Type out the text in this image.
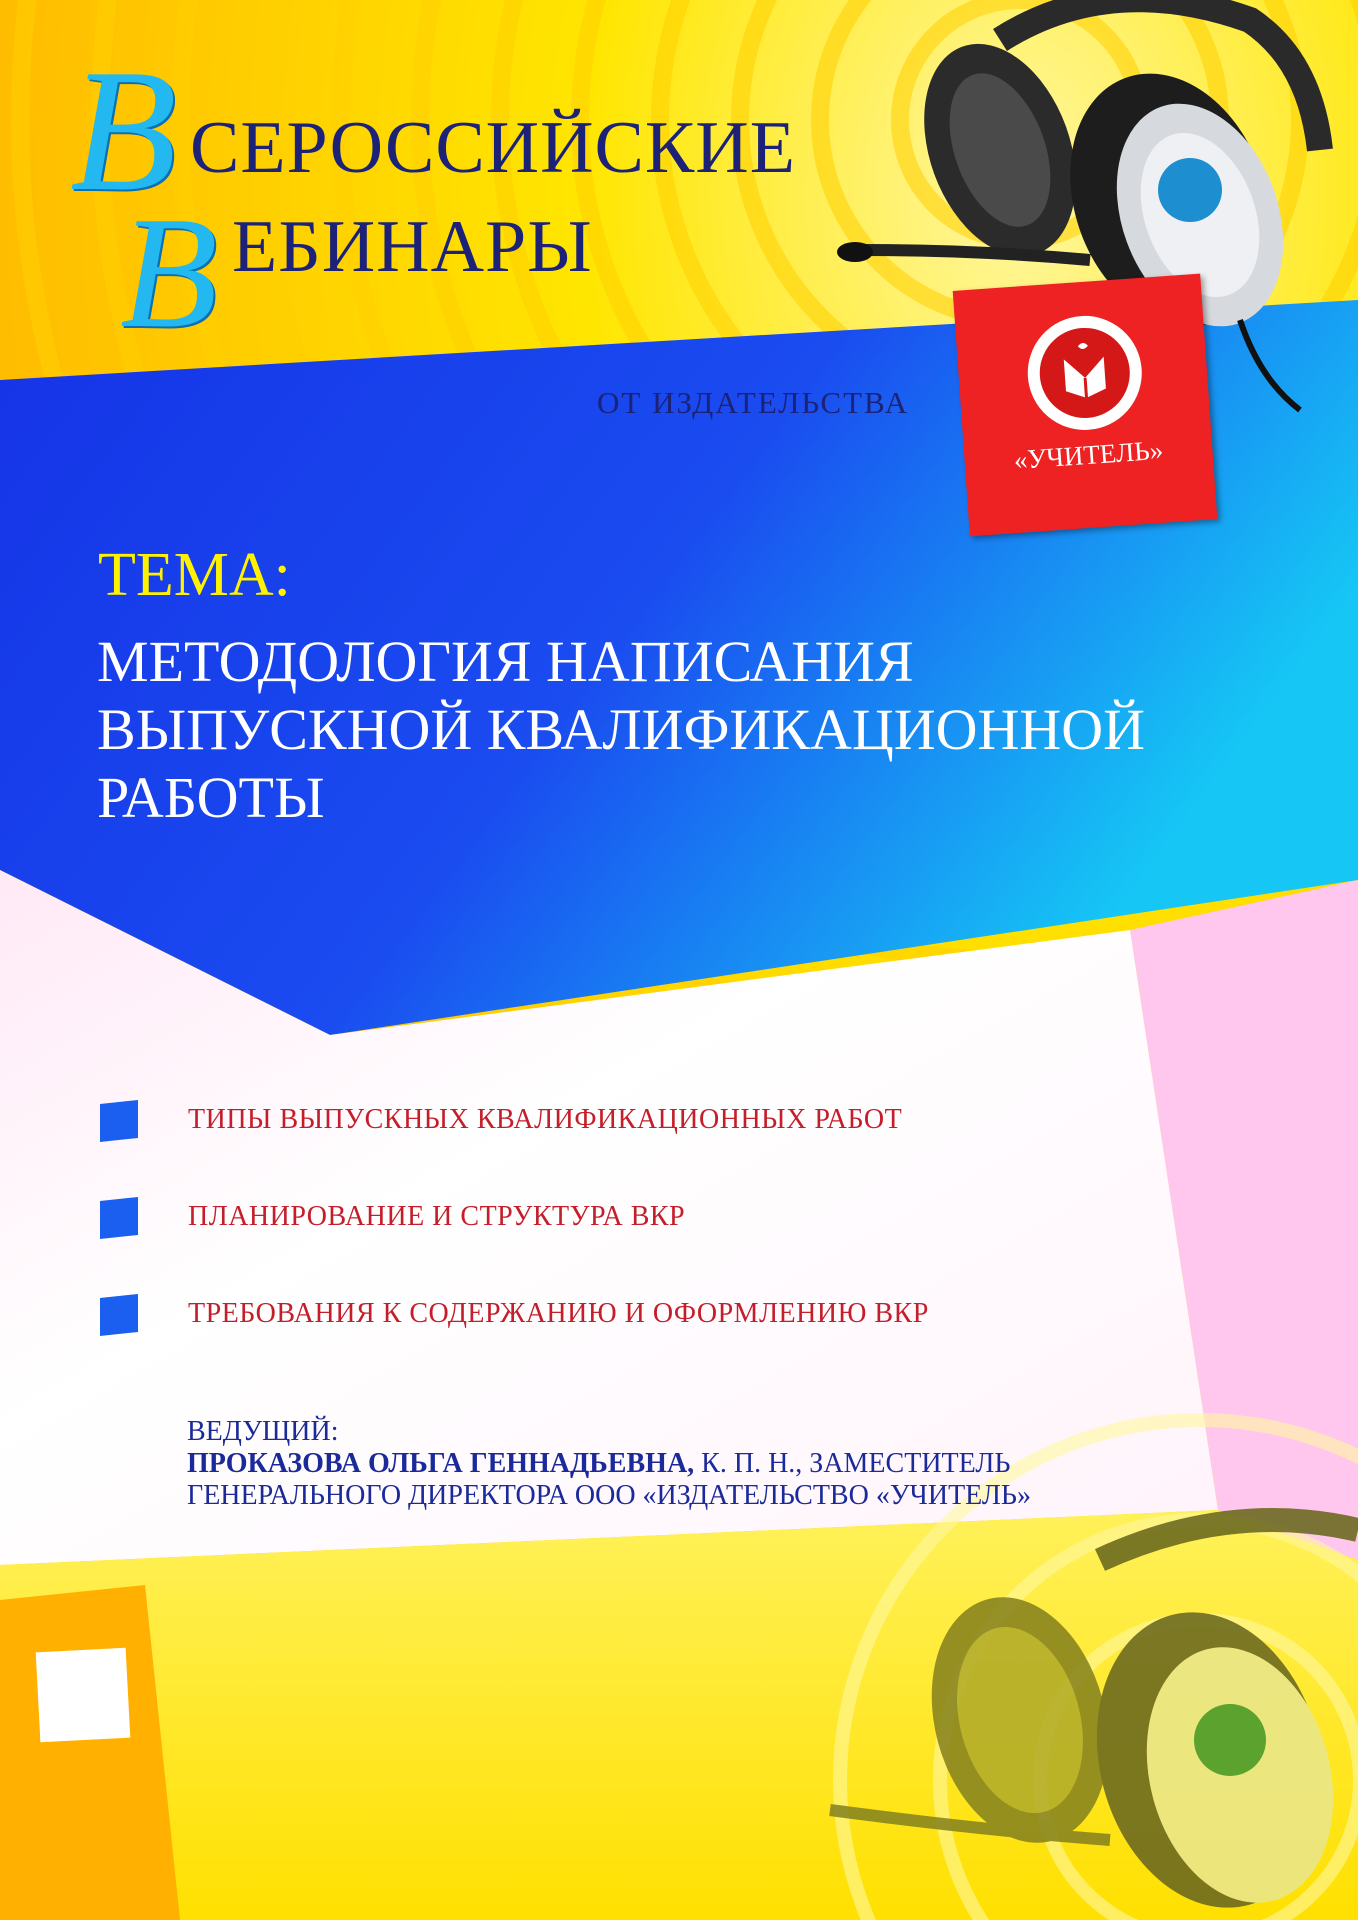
В СЕРОССИЙСКИЕ
В ЕБИНАРЫ
ОТ ИЗДАТЕЛЬСТВА
«УЧИТЕЛЬ»
ТЕМА:
МЕТОДОЛОГИЯ НАПИСАНИЯ
ВЫПУСКНОЙ КВАЛИФИКАЦИОННОЙ
РАБОТЫ
ТИПЫ ВЫПУСКНЫХ КВАЛИФИКАЦИОННЫХ РАБОТ
ПЛАНИРОВАНИЕ И СТРУКТУРА ВКР
ТРЕБОВАНИЯ К СОДЕРЖАНИЮ И ОФОРМЛЕНИЮ ВКР
ВЕДУЩИЙ:
ПРОКАЗОВА ОЛЬГА ГЕННАДЬЕВНА, К. П. Н., ЗАМЕСТИТЕЛЬ
ГЕНЕРАЛЬНОГО ДИРЕКТОРА ООО «ИЗДАТЕЛЬСТВО «УЧИТЕЛЬ»
